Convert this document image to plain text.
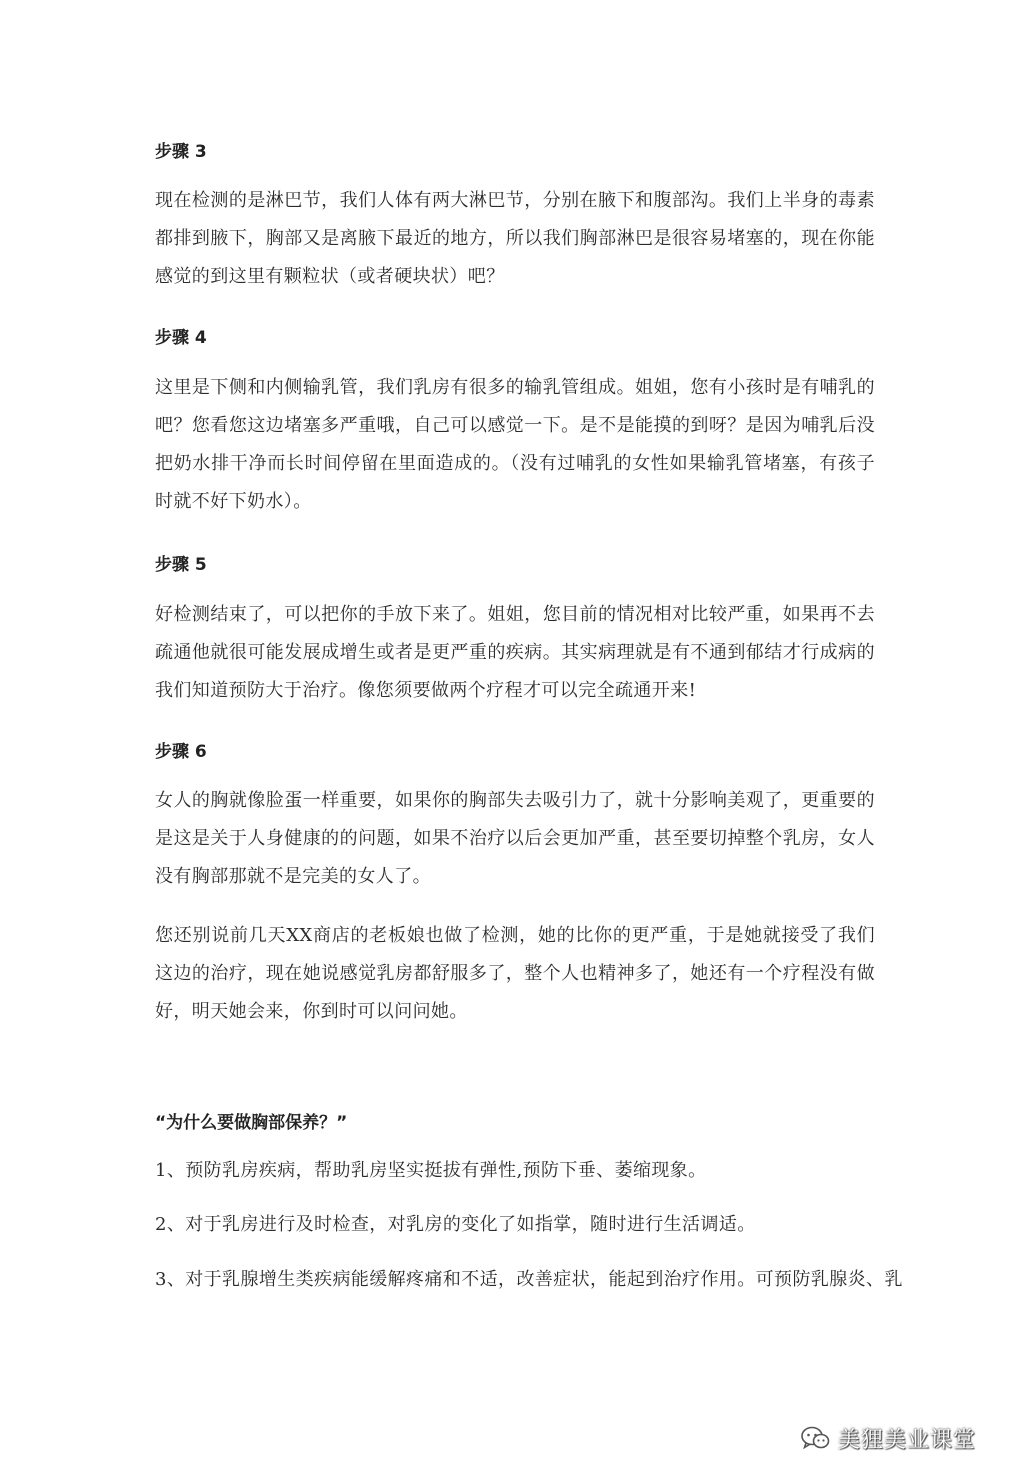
步骤 3

现在检测的是淋巴节，我们人体有两大淋巴节，分别在腋下和腹部沟。我们上半身的毒素都排到腋下，胸部又是离腋下最近的地方，所以我们胸部淋巴是很容易堵塞的，现在你能感觉的到这里有颗粒状（或者硬块状）吧？

步骤 4

这里是下侧和内侧输乳管，我们乳房有很多的输乳管组成。姐姐，您有小孩时是有哺乳的吧？您看您这边堵塞多严重哦，自己可以感觉一下。是不是能摸的到呀？是因为哺乳后没把奶水排干净而长时间停留在里面造成的。（没有过哺乳的女性如果输乳管堵塞，有孩子时就不好下奶水）。

步骤 5

好检测结束了，可以把你的手放下来了。姐姐，您目前的情况相对比较严重，如果再不去疏通他就很可能发展成增生或者是更严重的疾病。其实病理就是有不通到郁结才行成病的我们知道预防大于治疗。像您须要做两个疗程才可以完全疏通开来!

步骤 6

女人的胸就像脸蛋一样重要，如果你的胸部失去吸引力了，就十分影响美观了，更重要的是这是关于人身健康的的问题，如果不治疗以后会更加严重，甚至要切掉整个乳房，女人没有胸部那就不是完美的女人了。

您还别说前几天XX商店的老板娘也做了检测，她的比你的更严重，于是她就接受了我们这边的治疗，现在她说感觉乳房都舒服多了，整个人也精神多了，她还有一个疗程没有做好，明天她会来，你到时可以问问她。

“为什么要做胸部保养？”

1、预防乳房疾病，帮助乳房坚实挺拔有弹性,预防下垂、萎缩现象。

2、对于乳房进行及时检查，对乳房的变化了如指掌，随时进行生活调适。

3、对于乳腺增生类疾病能缓解疼痛和不适，改善症状，能起到治疗作用。可预防乳腺炎、乳

美狸美业课堂
